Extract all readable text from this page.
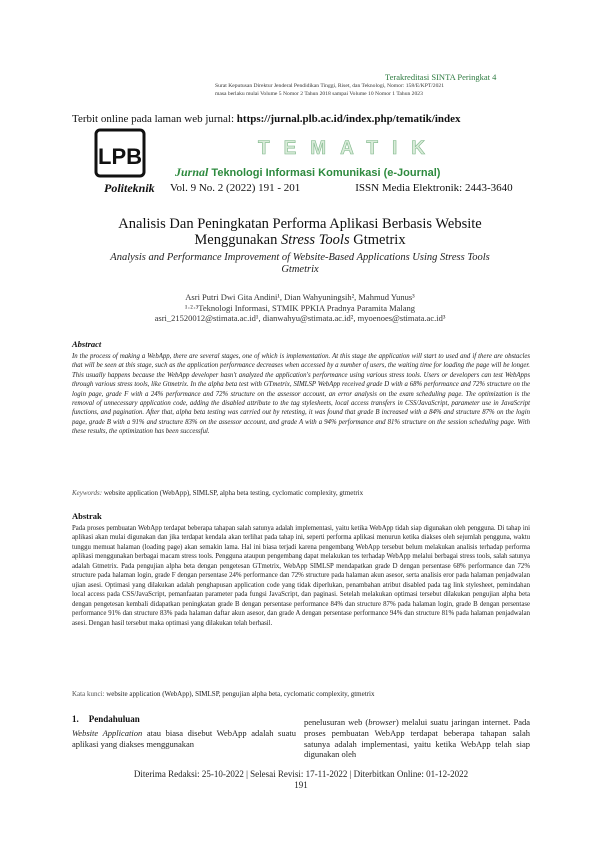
Terakreditasi SINTA Peringkat 4
Surat Keputusan Direktur Jenderal Pendidikan Tinggi, Riset, dan Teknologi, Nomor: 158/E/KPT/2021
masa berlaku mulai Volume 5 Nomor 2 Tahun 2018 sampai Volume 10 Nomor 1 Tahun 2023
Terbit online pada laman web jurnal: https://jurnal.plb.ac.id/index.php/tematik/index
LPB
Politeknik
TEMATIK
Jurnal Teknologi Informasi Komunikasi (e-Journal)
Vol. 9 No. 2 (2022) 191 - 201	ISSN Media Elektronik: 2443-3640
Analisis Dan Peningkatan Performa Aplikasi Berbasis Website
Menggunakan Stress Tools Gtmetrix
Analysis and Performance Improvement of Website-Based Applications Using Stress Tools
Gtmetrix
Asri Putri Dwi Gita Andini¹, Dian Wahyuningsih², Mahmud Yunus³
¹·²·³Teknologi Informasi, STMIK PPKIA Pradnya Paramita Malang
asri_21520012@stimata.ac.id¹, dianwahyu@stimata.ac.id², myoenoes@stimata.ac.id³
Abstract
In the process of making a WebApp, there are several stages, one of which is implementation. At this stage the application will start to used and if there are obstacles that will be seen at this stage, such as the application performance decreases when accessed by a number of users, the waiting time for loading the page will be longer. This usually happens because the WebApp developer hasn't analyzed the application's performance using various stress tools. Users or developers can test WebApps through various stress tools, like Gtmetrix. In the alpha beta test with GTmetrix, SIMLSP WebApp received grade D with a 68% performance and 72% structure on the login page, grade F with a 24% performance and 72% structure on the assessor account, an error analysis on the exam scheduling page. The optimization is the removal of unnecessary application code, adding the disabled attribute to the tag stylesheets, local access transfers in CSS/JavaScript, parameter use in JavaScript functions, and pagination. After that, alpha beta testing was carried out by retesting, it was found that grade B increased with a 84% and structure 87% on the login page, grade B with a 91% and structure 83% on the assessor account, and grade A with a 94% performance and 81% structure on the session scheduling page. With these results, the optimization has been successful.
Keywords: website application (WebApp), SIMLSP, alpha beta testing, cyclomatic complexity, gtmetrix
Abstrak
Pada proses pembuatan WebApp terdapat beberapa tahapan salah satunya adalah implementasi, yaitu ketika WebApp tidah siap digunakan oleh pengguna. Di tahap ini aplikasi akan mulai digunakan dan jika terdapat kendala akan terlihat pada tahap ini, seperti performa aplikasi menurun ketika diakses oleh sejumlah pengguna, waktu tunggu memuat halaman (loading page) akan semakin lama. Hal ini biasa terjadi karena pengembang WebApp tersebut belum melakukan analisis terhadap performa aplikasi menggunakan berbagai macam stress tools. Pengguna ataupun pengembang dapat melakukan tes terhadap WebApp melalui berbagai stress tools, salah satunya adalah Gtmetrix. Pada pengujian alpha beta dengan pengetesan GTmetrix, WebApp SIMLSP mendapatkan grade D dengan persentase 68% performance dan 72% structure pada halaman login, grade F dengan persentase 24% performance dan 72% structure pada halaman akun asesor, serta analisis eror pada halaman penjadwalan ujian asesi. Optimasi yang dilakukan adalah penghapusan application code yang tidak diperlukan, penambahan atribut disabled pada tag link stylesheet, pemindahan local access pada CSS/JavaScript, pemanfaatan parameter pada fungsi JavaScript, dan paginasi. Setelah melakukan optimasi tersebut dilakukan pengujian alpha beta dengan pengetesan kembali didapatkan peningkatan grade B dengan persentase performance 84% dan structure 87% pada halaman login, grade B dengan persentase performance 91% dan structure 83% pada halaman daftar akun asesor, dan grade A dengan persentase performance 94% dan structure 81% pada halaman penjadwalan asesi. Dengan hasil tersebut maka optimasi yang dilakukan telah berhasil.
Kata kunci: website application (WebApp), SIMLSP, pengujian alpha beta, cyclomatic complexity, gtmetrix
1. Pendahuluan
Website Application atau biasa disebut WebApp adalah suatu aplikasi yang diakses menggunakan
penelusuran web (browser) melalui suatu jaringan internet. Pada proses pembuatan WebApp terdapat beberapa tahapan salah satunya adalah implementasi, yaitu ketika WebApp telah siap digunakan oleh
Diterima Redaksi: 25-10-2022 | Selesai Revisi: 17-11-2022 | Diterbitkan Online: 01-12-2022
191
